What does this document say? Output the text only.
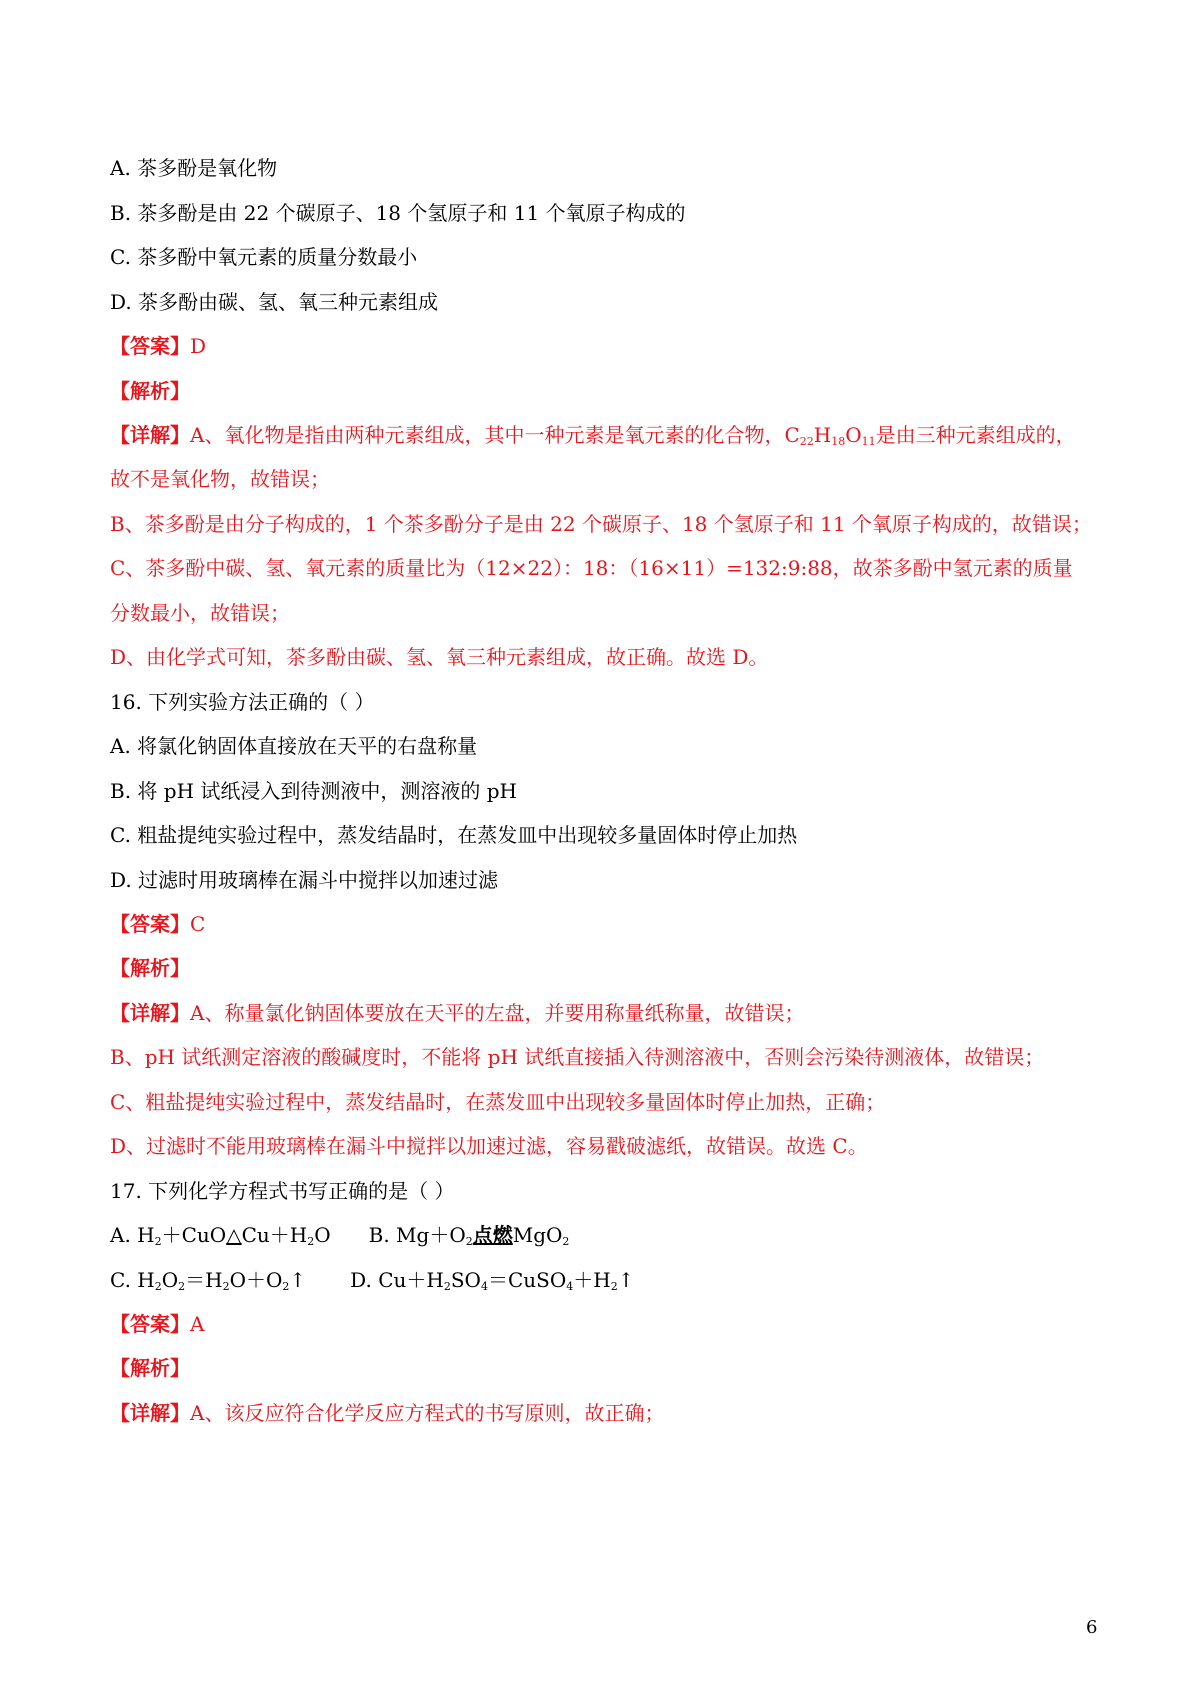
A. 茶多酚是氧化物
B. 茶多酚是由 22 个碳原子、18 个氢原子和 11 个氧原子构成的
C. 茶多酚中氧元素的质量分数最小
D. 茶多酚由碳、氢、氧三种元素组成
【答案】D
【解析】
【详解】A、氧化物是指由两种元素组成，其中一种元素是氧元素的化合物，$C_{22}H_{18}O_{11}$是由三种元素组成的，
故不是氧化物，故错误；
B、茶多酚是由分子构成的，1 个茶多酚分子是由 22 个碳原子、18 个氢原子和 11 个氧原子构成的，故错误；
C、茶多酚中碳、氢、氧元素的质量比为（12×22）：18：（16×11）=132:9:88，故茶多酚中氢元素的质量
分数最小，故错误；
D、由化学式可知，茶多酚由碳、氢、氧三种元素组成，故正确。故选 D。
16. 下列实验方法正确的（ ）
A. 将氯化钠固体直接放在天平的右盘称量
B. 将 pH 试纸浸入到待测液中，测溶液的 pH
C. 粗盐提纯实验过程中，蒸发结晶时，在蒸发皿中出现较多量固体时停止加热
D. 过滤时用玻璃棒在漏斗中搅拌以加速过滤
【答案】C
【解析】
【详解】A、称量氯化钠固体要放在天平的左盘，并要用称量纸称量，故错误；
B、pH 试纸测定溶液的酸碱度时，不能将 pH 试纸直接插入待测溶液中，否则会污染待测液体，故错误；
C、粗盐提纯实验过程中，蒸发结晶时，在蒸发皿中出现较多量固体时停止加热，正确；
D、过滤时不能用玻璃棒在漏斗中搅拌以加速过滤，容易戳破滤纸，故错误。故选 C。
17. 下列化学方程式书写正确的是（ ）
A. $H_2+CuO\triangle Cu+H_2O$ B. $Mg+O_2$点燃MgO$_2$
C. $H_2O_2=H_2O+O_2↑$ D. $Cu+H_2SO_4=CuSO_4+H_2↑$
【答案】A
【解析】
【详解】A、该反应符合化学反应方程式的书写原则，故正确；
6
